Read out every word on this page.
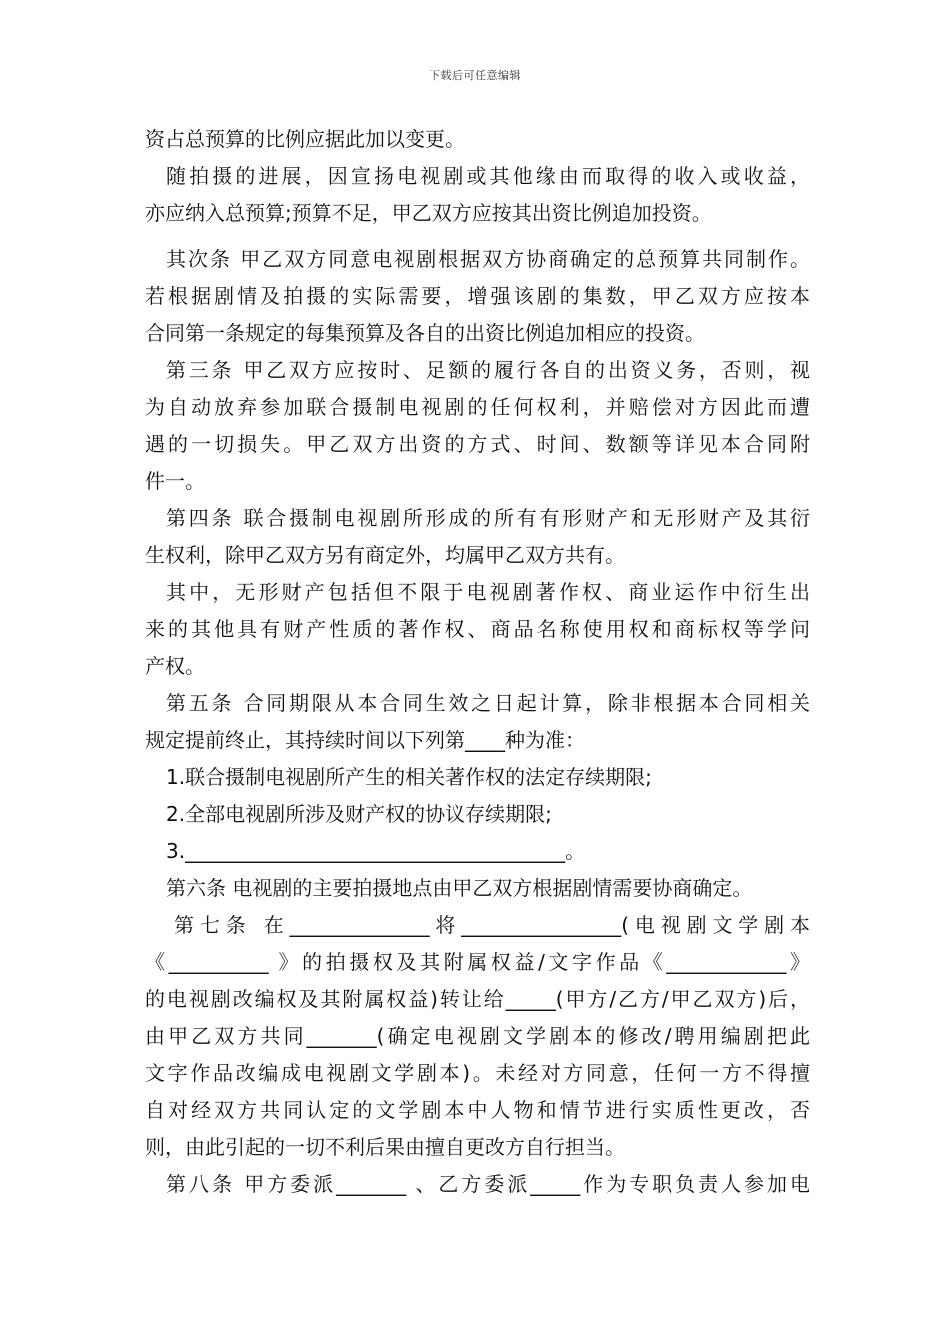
下载后可任意编辑
资占总预算的比例应据此加以变更。
随拍摄的进展，因宣扬电视剧或其他缘由而取得的收入或收益，
亦应纳入总预算;预算不足，甲乙双方应按其出资比例追加投资。
其次条 甲乙双方同意电视剧根据双方协商确定的总预算共同制作。
若根据剧情及拍摄的实际需要，增强该剧的集数，甲乙双方应按本
合同第一条规定的每集预算及各自的出资比例追加相应的投资。
第三条 甲乙双方应按时、足额的履行各自的出资义务，否则，视
为自动放弃参加联合摄制电视剧的任何权利，并赔偿对方因此而遭
遇的一切损失。甲乙双方出资的方式、时间、数额等详见本合同附
件一。
第四条 联合摄制电视剧所形成的所有有形财产和无形财产及其衍
生权利，除甲乙双方另有商定外，均属甲乙双方共有。
其中，无形财产包括但不限于电视剧著作权、商业运作中衍生出
来的其他具有财产性质的著作权、商品名称使用权和商标权等学问
产权。
第五条 合同期限从本合同生效之日起计算，除非根据本合同相关
规定提前终止，其持续时间以下列第____种为准：
1.联合摄制电视剧所产生的相关著作权的法定存续期限;
2.全部电视剧所涉及财产权的协议存续期限;
3.______________________________________。
第六条 电视剧的主要拍摄地点由甲乙双方根据剧情需要协商确定。
第七条 在______________将________________(电视剧文学剧本
《__________ 》的拍摄权及其附属权益/文字作品《____________》
的电视剧改编权及其附属权益)转让给_____(甲方/乙方/甲乙双方)后，
由甲乙双方共同_______(确定电视剧文学剧本的修改/聘用编剧把此
文字作品改编成电视剧文学剧本)。未经对方同意，任何一方不得擅
自对经双方共同认定的文学剧本中人物和情节进行实质性更改，否
则，由此引起的一切不利后果由擅自更改方自行担当。
第八条 甲方委派_______ 、乙方委派_____作为专职负责人参加电
